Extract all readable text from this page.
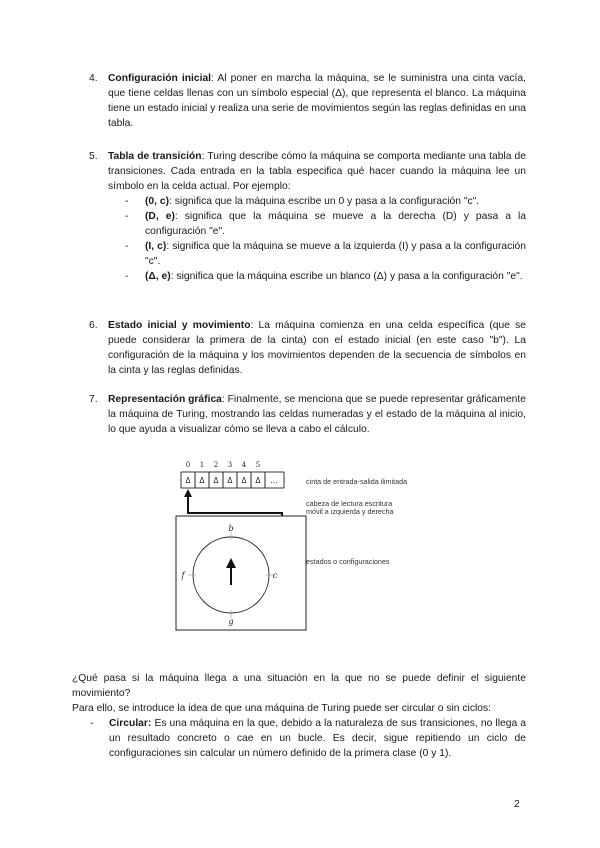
4. Configuración inicial: Al poner en marcha la máquina, se le suministra una cinta vacía, que tiene celdas llenas con un símbolo especial (Δ), que representa el blanco. La máquina tiene un estado inicial y realiza una serie de movimientos según las reglas definidas en una tabla.

5. Tabla de transición: Turing describe cómo la máquina se comporta mediante una tabla de transiciones. Cada entrada en la tabla especifica qué hacer cuando la máquina lee un símbolo en la celda actual. Por ejemplo:

- (0, c): significa que la máquina escribe un 0 y pasa a la configuración "c".

- (D, e): significa que la máquina se mueve a la derecha (D) y pasa a la configuración "e".

- (I, c): significa que la máquina se mueve a la izquierda (I) y pasa a la configuración "c".

- (Δ, e): significa que la máquina escribe un blanco (Δ) y pasa a la configuración "e".

6. Estado inicial y movimiento: La máquina comienza en una celda específica (que se puede considerar la primera de la cinta) con el estado inicial (en este caso "b"). La configuración de la máquina y los movimientos dependen de la secuencia de símbolos en la cinta y las reglas definidas.

7. Representación gráfica: Finalmente, se menciona que se puede representar gráficamente la máquina de Turing, mostrando las celdas numeradas y el estado de la máquina al inicio, lo que ayuda a visualizar cómo se lleva a cabo el cálculo.

0 1 2 3 4 5
Δ Δ Δ Δ Δ Δ ...
b
f	c
g
cinta de entrada-salida ilimitada
cabeza de lectura escritura
móvil a izquierda y derecha
estados o configuraciones

¿Qué pasa si la máquina llega a una situación en la que no se puede definir el siguiente movimiento?

Para ello, se introduce la idea de que una máquina de Turing puede ser circular o sin ciclos:

- Circular: Es una máquina en la que, debido a la naturaleza de sus transiciones, no llega a un resultado concreto o cae en un bucle. Es decir, sigue repitiendo un ciclo de configuraciones sin calcular un número definido de la primera clase (0 y 1).

2
